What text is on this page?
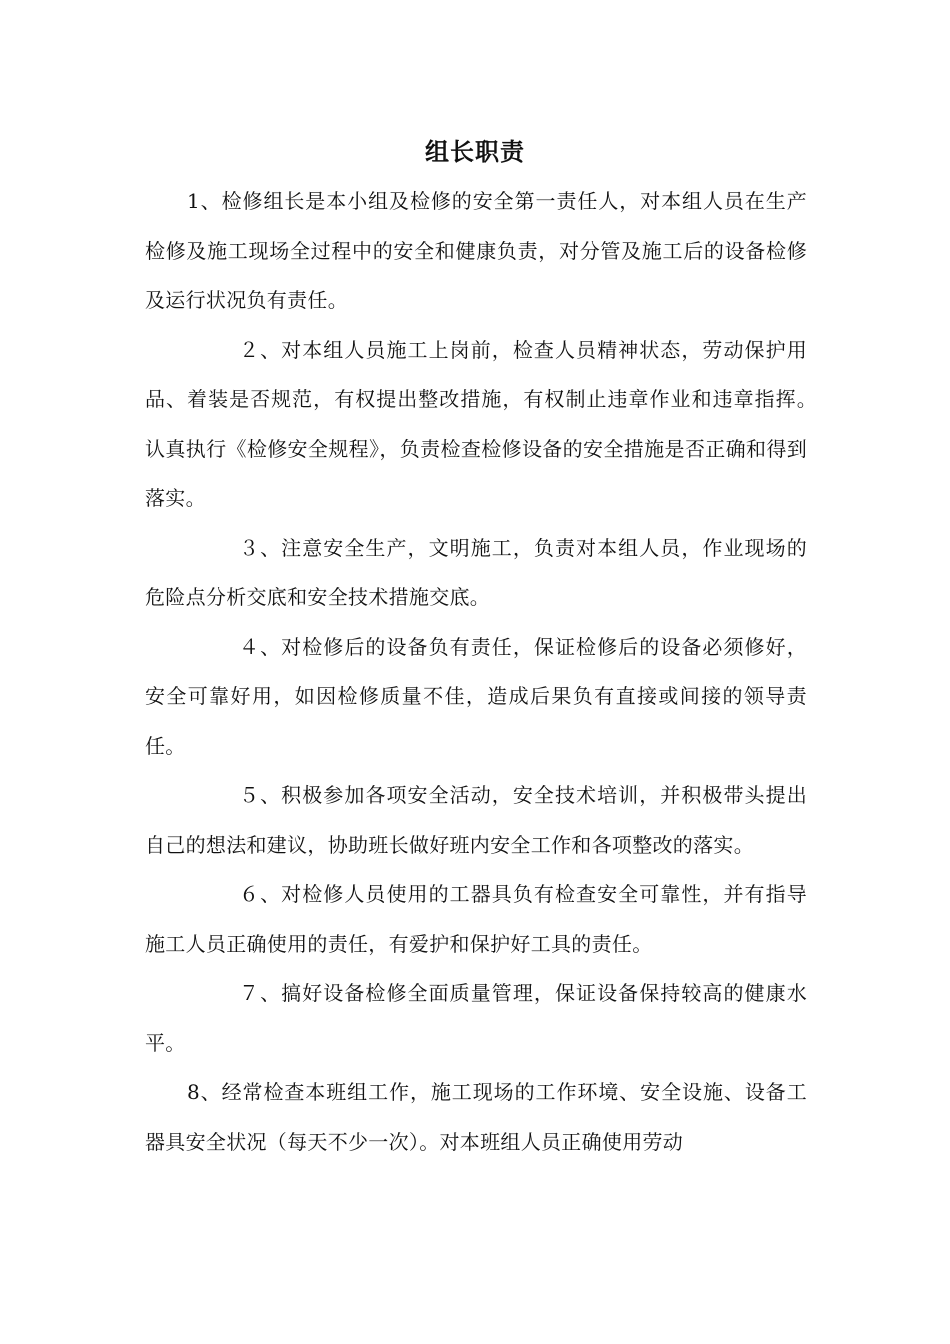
组长职责

1、检修组长是本小组及检修的安全第一责任人，对本组人员在生产检修及施工现场全过程中的安全和健康负责，对分管及施工后的设备检修及运行状况负有责任。

２、对本组人员施工上岗前，检查人员精神状态，劳动保护用品、着装是否规范，有权提出整改措施，有权制止违章作业和违章指挥。　认真执行《检修安全规程》，负责检查检修设备的安全措施是否正确和得到落实。

３、注意安全生产，文明施工，负责对本组人员，作业现场的危险点分析交底和安全技术措施交底。

４、对检修后的设备负有责任，保证检修后的设备必须修好，安全可靠好用，如因检修质量不佳，造成后果负有直接或间接的领导责任。

５、积极参加各项安全活动，安全技术培训，并积极带头提出自己的想法和建议，协助班长做好班内安全工作和各项整改的落实。

６、对检修人员使用的工器具负有检查安全可靠性，并有指导施工人员正确使用的责任，有爱护和保护好工具的责任。

７、搞好设备检修全面质量管理，保证设备保持较高的健康水平。

8、经常检查本班组工作，施工现场的工作环境、安全设施、设备工器具安全状况（每天不少一次）。对本班组人员正确使用劳动
